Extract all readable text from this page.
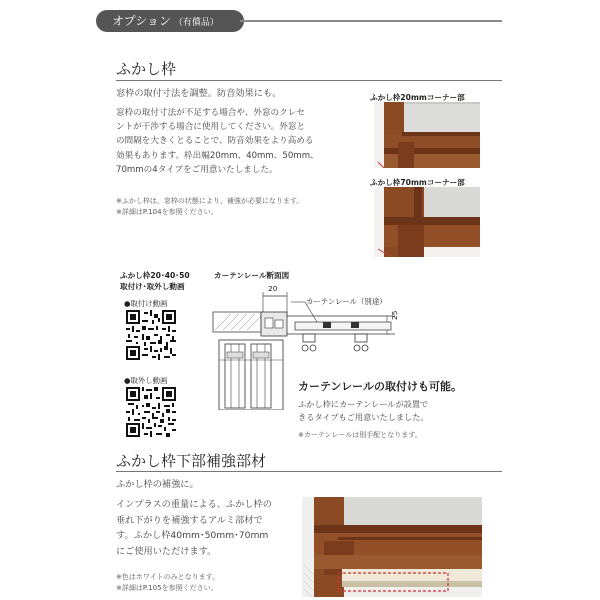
オプション （有償品）
ふかし枠
窓枠の取付寸法を調整。防音効果にも。
窓枠の取付寸法が不足する場合や、外窓のクレセ
ントが干渉する場合に使用してください。外窓と
の間隔を大きくとることで、防音効果をより高める
効果もあります。枠出幅20mm、40mm、50mm、
70mmの4タイプをご用意いたしました。
※ふかし枠は、窓枠の状態により、補強が必要になります。
※詳細はP.104を参照ください。
ふかし枠20mmコーナー部
ふかし枠70mmコーナー部
ふかし枠20･40･50
取付け･取外し動画
●取付け動画
●取外し動画
カーテンレール断面図
20
25
カーテンレール（別途）
カーテンレールの取付けも可能。
ふかし枠にカーテンレールが設置で
きるタイプもご用意いたしました。
※カーテンレールは別手配となります。
ふかし枠下部補強部材
ふかし枠の補強に。
インプラスの重量による、ふかし枠の
垂れ下がりを補強するアルミ部材で
す。ふかし枠40mm･50mm･70mm
にご使用いただけます。
※色はホワイトのみとなります。
※詳細はP.105を参照ください。
